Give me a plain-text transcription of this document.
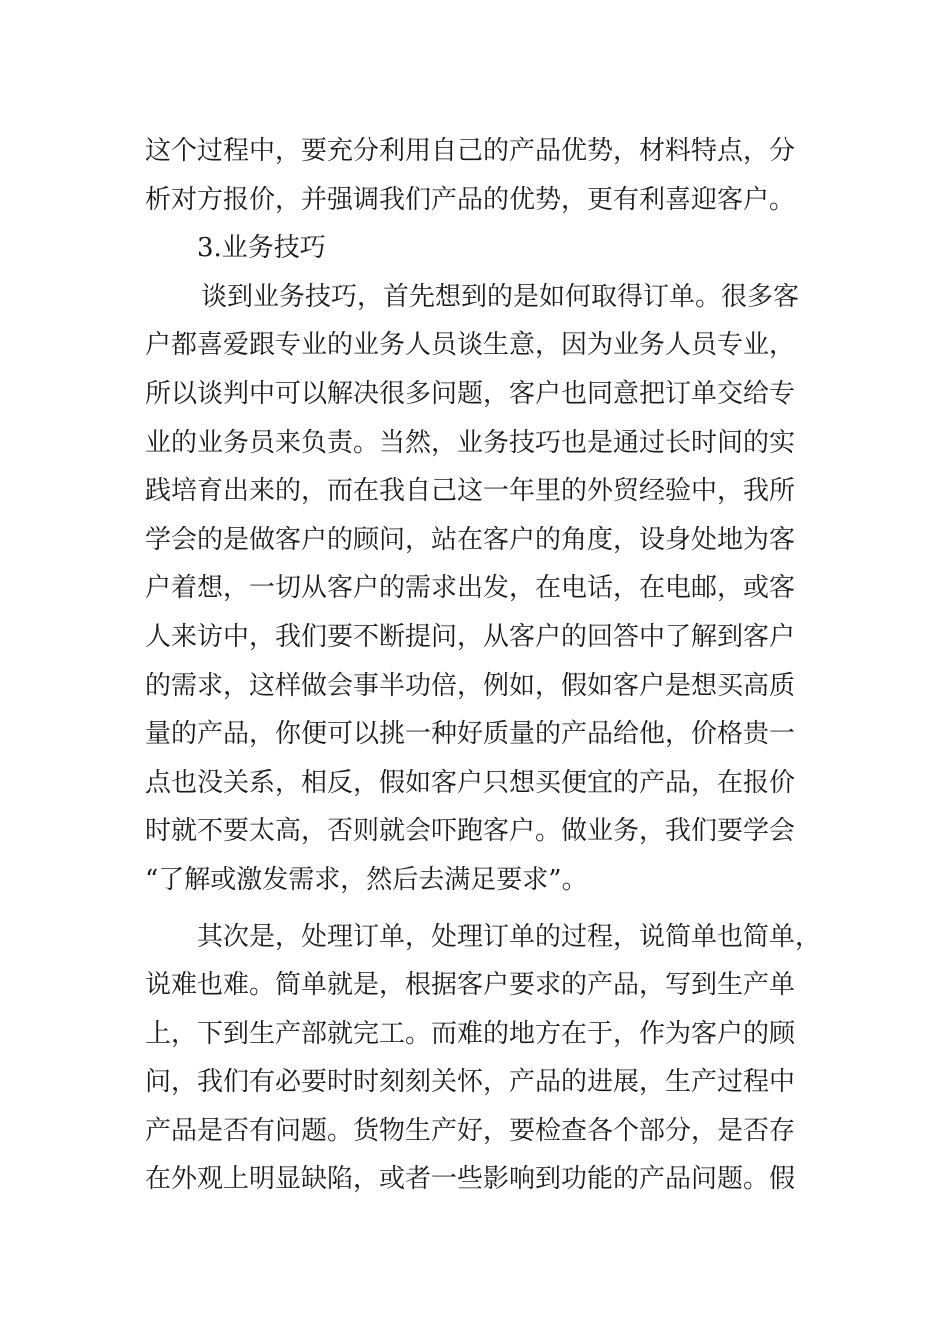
这个过程中，要充分利用自己的产品优势，材料特点，分
析对方报价，并强调我们产品的优势，更有利喜迎客户。
3.业务技巧
谈到业务技巧，首先想到的是如何取得订单。很多客
户都喜爱跟专业的业务人员谈生意，因为业务人员专业，
所以谈判中可以解决很多问题，客户也同意把订单交给专
业的业务员来负责。当然，业务技巧也是通过长时间的实
践培育出来的，而在我自己这一年里的外贸经验中，我所
学会的是做客户的顾问，站在客户的角度，设身处地为客
户着想，一切从客户的需求出发，在电话，在电邮，或客
人来访中，我们要不断提问，从客户的回答中了解到客户
的需求，这样做会事半功倍，例如，假如客户是想买高质
量的产品，你便可以挑一种好质量的产品给他，价格贵一
点也没关系，相反，假如客户只想买便宜的产品，在报价
时就不要太高，否则就会吓跑客户。做业务，我们要学会
“了解或激发需求，然后去满足要求”。
其次是，处理订单，处理订单的过程，说简单也简单，
说难也难。简单就是，根据客户要求的产品，写到生产单
上，下到生产部就完工。而难的地方在于，作为客户的顾
问，我们有必要时时刻刻关怀，产品的进展，生产过程中
产品是否有问题。货物生产好，要检查各个部分，是否存
在外观上明显缺陷，或者一些影响到功能的产品问题。假
